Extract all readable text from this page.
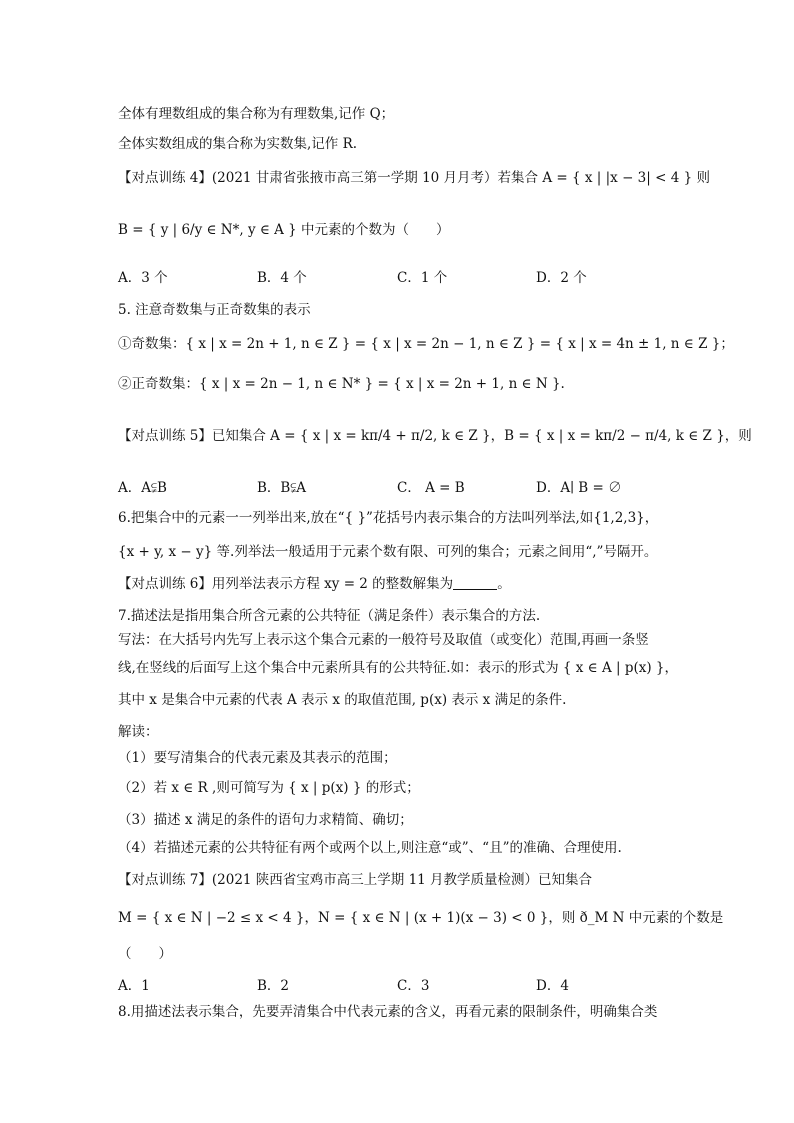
全体有理数组成的集合称为有理数集,记作 Q；
全体实数组成的集合称为实数集,记作 R.
【对点训练 4】(2021 甘肃省张掖市高三第一学期 10 月月考）若集合 A = { x | |x − 3| < 4 } 则
B = { y | 6/y ∈ N*, y ∈ A } 中元素的个数为（　　）
A．3 个	B．4 个	C．1 个	D．2 个
5. 注意奇数集与正奇数集的表示
①奇数集：{ x | x = 2n + 1, n ∈ Z } = { x | x = 2n − 1, n ∈ Z } = { x | x = 4n ± 1, n ∈ Z }；
②正奇数集：{ x | x = 2n − 1, n ∈ N* } = { x | x = 2n + 1, n ∈ N }.
【对点训练 5】已知集合 A = { x | x = kπ/4 + π/2, k ∈ Z }，B = { x | x = kπ/2 − π/4, k ∈ Z }，则
A．A⫋B	B．B⫋A	C． A = B	D．A∣ B = ∅
6.把集合中的元素一一列举出来,放在“{ }”花括号内表示集合的方法叫列举法,如{1,2,3}，
{x + y, x − y} 等.列举法一般适用于元素个数有限、可列的集合；元素之间用“,”号隔开。
【对点训练 6】用列举法表示方程 xy = 2 的整数解集为	。
7.描述法是指用集合所含元素的公共特征（满足条件）表示集合的方法.
写法：在大括号内先写上表示这个集合元素的一般符号及取值（或变化）范围,再画一条竖
线,在竖线的后面写上这个集合中元素所具有的公共特征.如：表示的形式为 { x ∈ A | p(x) }，
其中 x 是集合中元素的代表 A 表示 x 的取值范围, p(x) 表示 x 满足的条件.
解读：
（1）要写清集合的代表元素及其表示的范围；
（2）若 x ∈ R ,则可简写为 { x | p(x) } 的形式；
（3）描述 x 满足的条件的语句力求精简、确切；
（4）若描述元素的公共特征有两个或两个以上,则注意“或”、“且”的准确、合理使用.
【对点训练 7】(2021 陕西省宝鸡市高三上学期 11 月教学质量检测）已知集合
M = { x ∈ N | −2 ≤ x < 4 }，N = { x ∈ N | (x + 1)(x − 3) < 0 }，则 ð_M N 中元素的个数是
（　　）
A．1	B．2	C．3	D．4
8.用描述法表示集合，先要弄清集合中代表元素的含义，再看元素的限制条件，明确集合类
